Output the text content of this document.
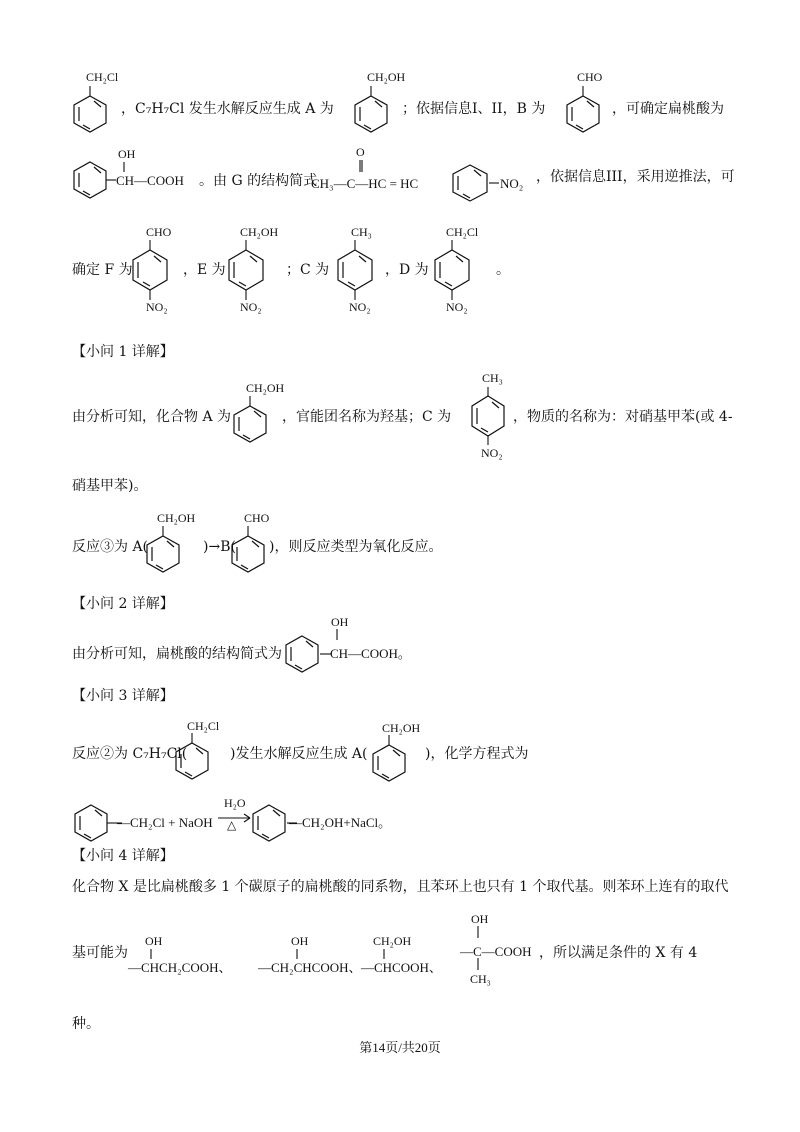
CH₂Cl
，C₇H₇Cl 发生水解反应生成 A 为
CH₂OH
；依据信息I、II，B 为
CHO
，可确定扁桃酸为
OH
CH—COOH 。由 G 的结构简式
O
CH₃—C—HC = HC	NO₂ ，依据信息III，采用逆推法，可
确定 F 为
CHO
NO₂
，E 为
CH₂OH
NO₂
；C 为
CH₃
NO₂
，D 为
CH₂Cl
NO₂
。
【小问 1 详解】
由分析可知，化合物 A 为
CH₂OH
，官能团名称为羟基；C 为
CH₃
NO₂
，物质的名称为：对硝基甲苯(或 4-
硝基甲苯)。
反应③为 A(
CH₂OH
)→B(
CHO
)，则反应类型为氧化反应。
【小问 2 详解】
由分析可知，扁桃酸的结构简式为
OH
CH—COOH。
【小问 3 详解】
反应②为 C₇H₇Cl(
CH₂Cl
)发生水解反应生成 A(
CH₂OH
)，化学方程式为
—CH₂Cl + NaOH
H₂O
△	—CH₂OH+NaCl。
【小问 4 详解】
化合物 X 是比扁桃酸多 1 个碳原子的扁桃酸的同系物，且苯环上也只有 1 个取代基。则苯环上连有的取代
基可能为
OH
—CHCH₂COOH、
OH
—CH₂CHCOOH、
CH₂OH
—CHCOOH、
OH
—C—COOH
CH₃
，所以满足条件的 X 有 4
种。
第14页/共20页
